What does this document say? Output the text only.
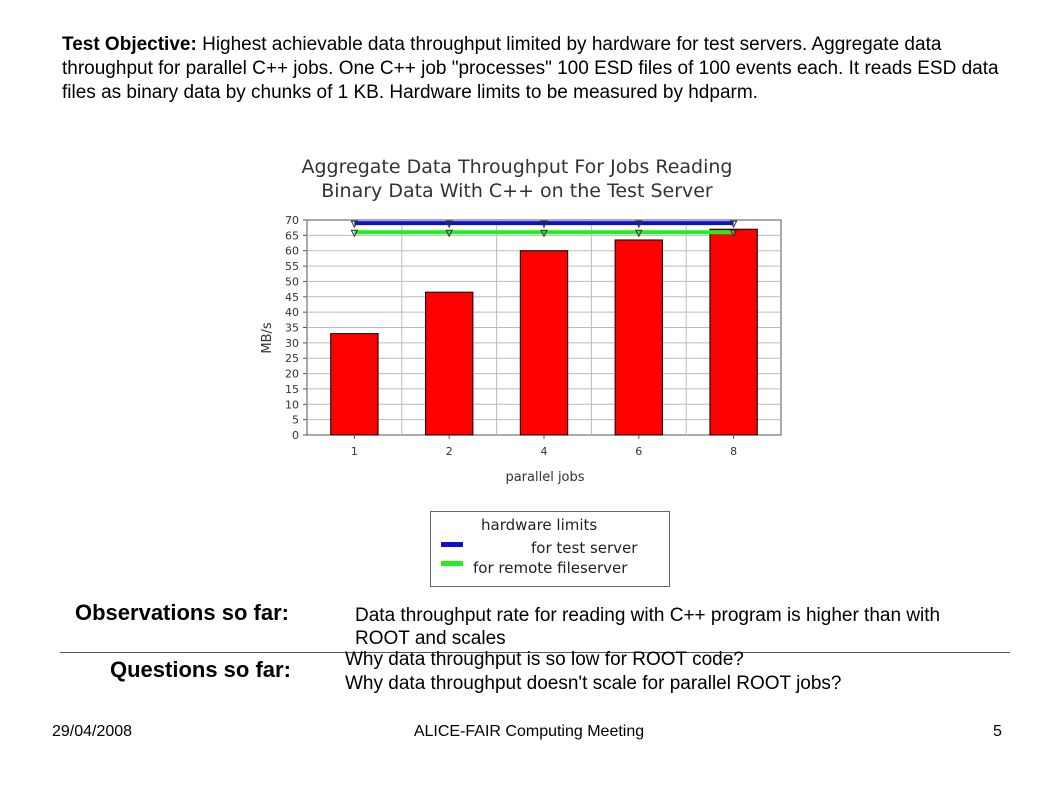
Test Objective: Highest achievable data throughput limited by hardware for test servers. Aggregate data throughput for parallel C++ jobs. One C++ job "processes" 100 ESD files of 100 events each. It reads ESD data files as binary data by chunks of 1 KB. Hardware limits to be measured by hdparm.
Aggregate Data Throughput For Jobs Reading
Binary Data With C++ on the Test Server
0
5
10
15
20
25
30
35
40
45
50
55
60
65
70
1	2	4	6	8
MB/s
parallel jobs
hardware limits
for test server
for remote fileserver
Observations so far:	Data throughput rate for reading with C++ program is higher than with ROOT and scales
Questions so far:	Why data throughput is so low for ROOT code?
Why data throughput doesn't scale for parallel ROOT jobs?
29/04/2008	ALICE-FAIR Computing Meeting	5
